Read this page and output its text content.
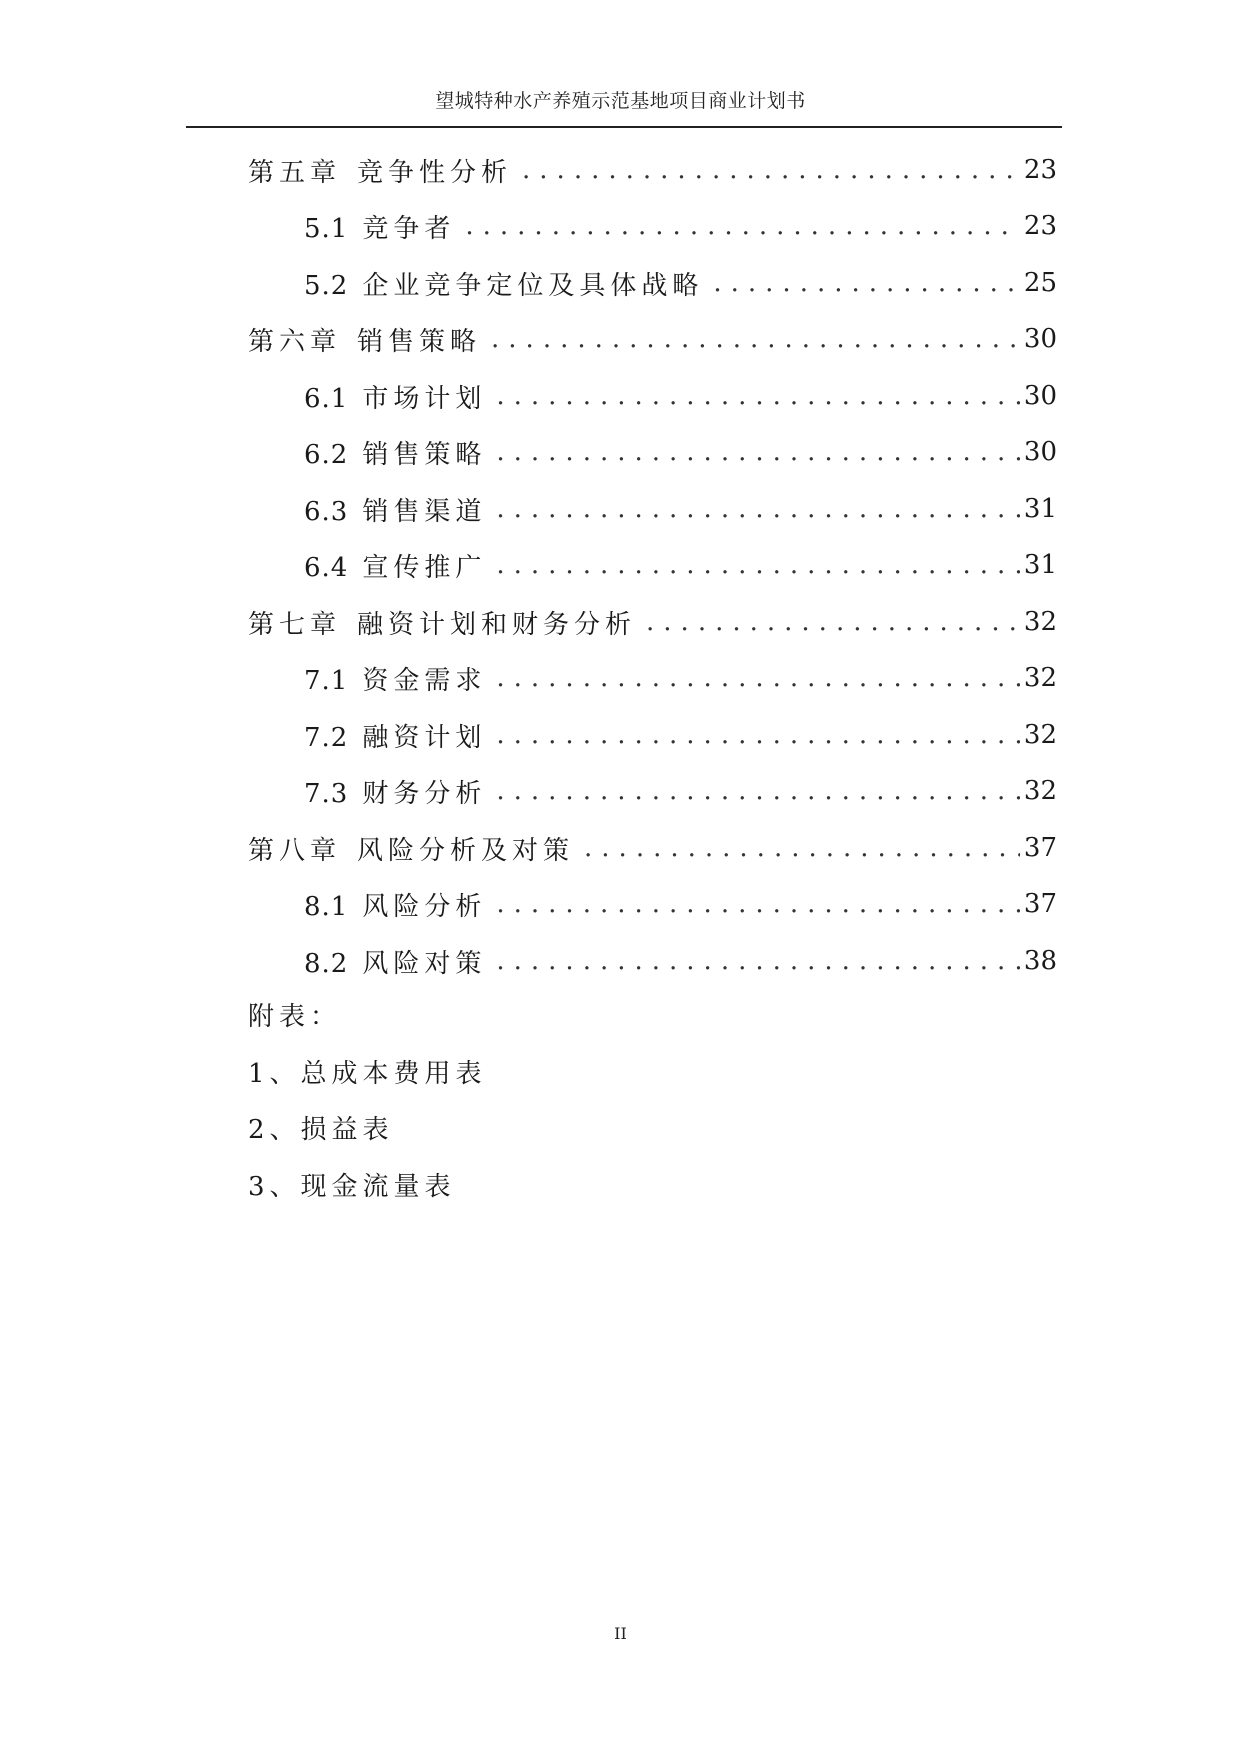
望城特种水产养殖示范基地项目商业计划书
第五章 竞争性分析 .....	23
5.1 竞争者 .....	23
5.2 企业竞争定位及具体战略 .....	25
第六章 销售策略 .....	30
6.1 市场计划 .....	30
6.2 销售策略 .....	30
6.3 销售渠道 .....	31
6.4 宣传推广 .....	31
第七章 融资计划和财务分析 .....	32
7.1 资金需求 .....	32
7.2 融资计划 .....	32
7.3 财务分析 .....	32
第八章 风险分析及对策 .....	37
8.1 风险分析 .....	37
8.2 风险对策 .....	38
附表：
1、总成本费用表
2、损益表
3、现金流量表
II
